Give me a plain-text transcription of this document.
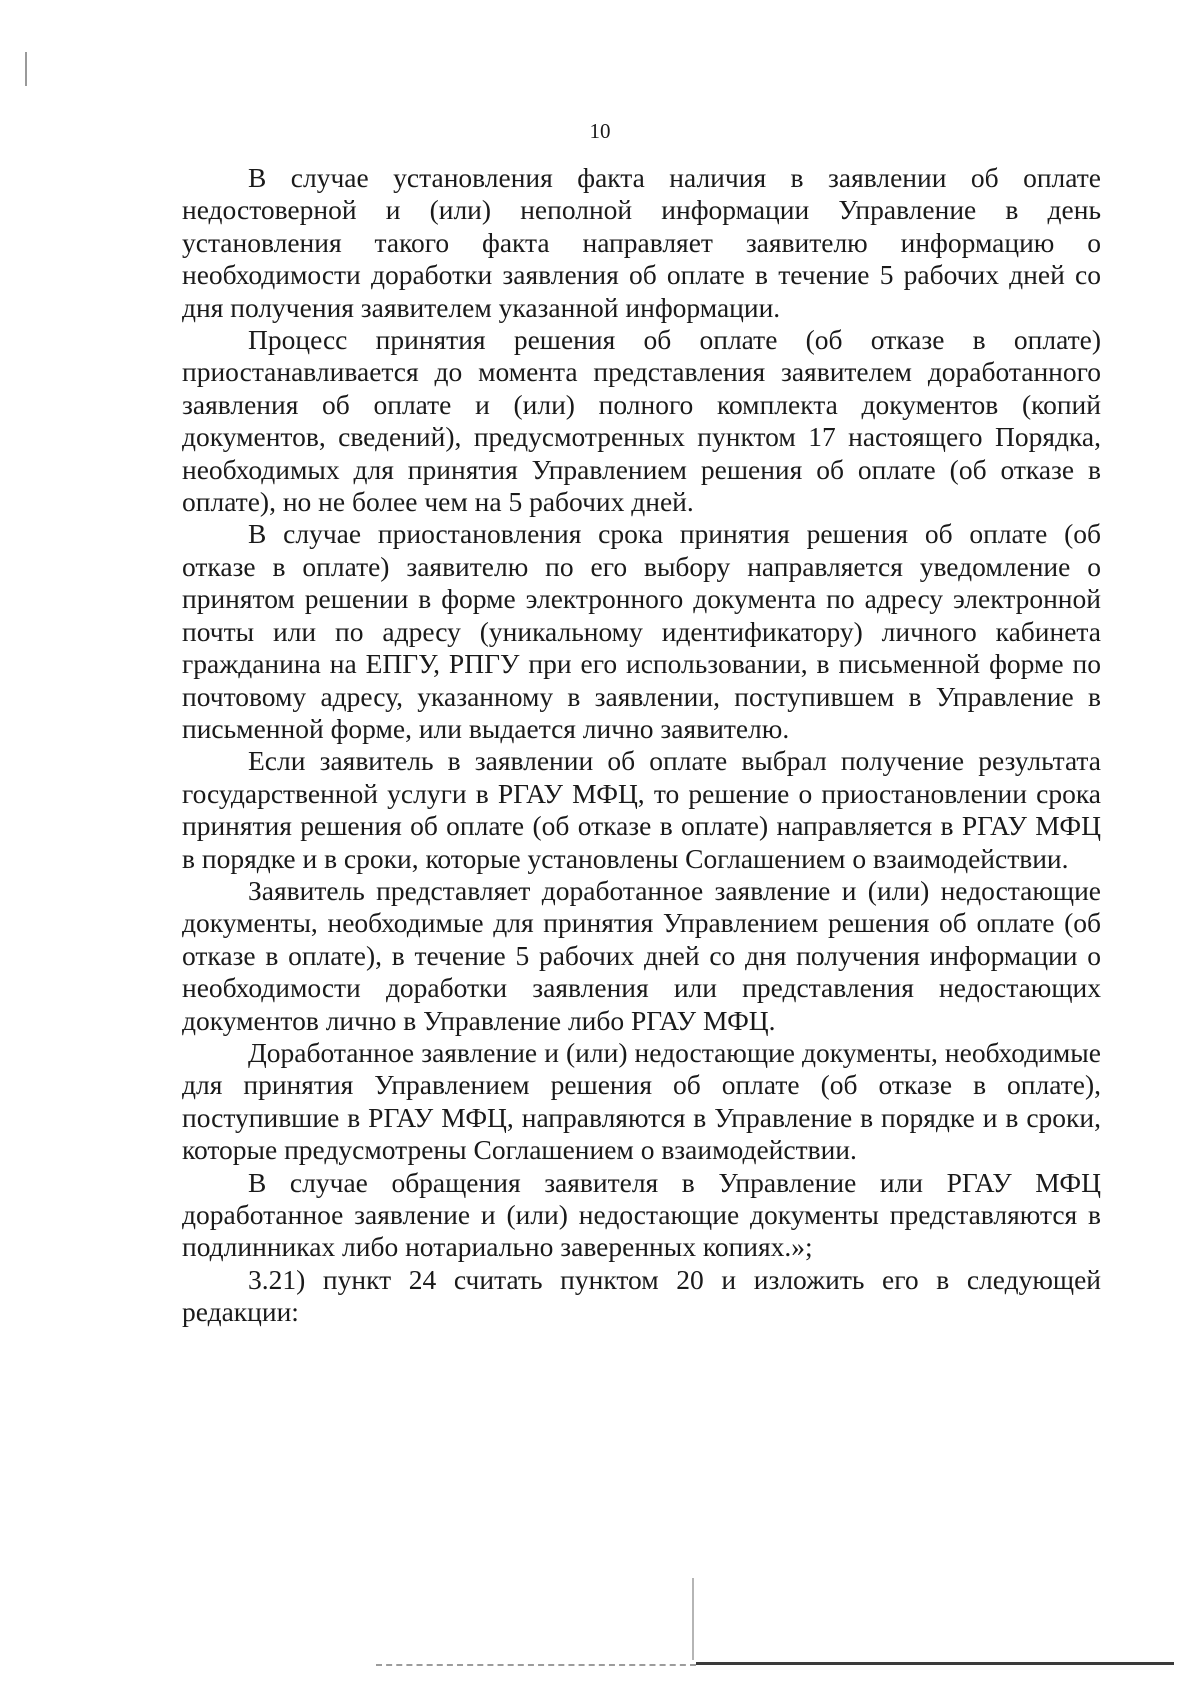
10

В случае установления факта наличия в заявлении об оплате недостоверной и (или) неполной информации Управление в день установления такого факта направляет заявителю информацию о необходимости доработки заявления об оплате в течение 5 рабочих дней со дня получения заявителем указанной информации.

Процесс принятия решения об оплате (об отказе в оплате) приостанавливается до момента представления заявителем доработанного заявления об оплате и (или) полного комплекта документов (копий документов, сведений), предусмотренных пунктом 17 настоящего Порядка, необходимых для принятия Управлением решения об оплате (об отказе в оплате), но не более чем на 5 рабочих дней.

В случае приостановления срока принятия решения об оплате (об отказе в оплате) заявителю по его выбору направляется уведомление о принятом решении в форме электронного документа по адресу электронной почты или по адресу (уникальному идентификатору) личного кабинета гражданина на ЕПГУ, РПГУ при его использовании, в письменной форме по почтовому адресу, указанному в заявлении, поступившем в Управление в письменной форме, или выдается лично заявителю.

Если заявитель в заявлении об оплате выбрал получение результата государственной услуги в РГАУ МФЦ, то решение о приостановлении срока принятия решения об оплате (об отказе в оплате) направляется в РГАУ МФЦ в порядке и в сроки, которые установлены Соглашением о взаимодействии.

Заявитель представляет доработанное заявление и (или) недостающие документы, необходимые для принятия Управлением решения об оплате (об отказе в оплате), в течение 5 рабочих дней со дня получения информации о необходимости доработки заявления или представления недостающих документов лично в Управление либо РГАУ МФЦ.

Доработанное заявление и (или) недостающие документы, необходимые для принятия Управлением решения об оплате (об отказе в оплате), поступившие в РГАУ МФЦ, направляются в Управление в порядке и в сроки, которые предусмотрены Соглашением о взаимодействии.

В случае обращения заявителя в Управление или РГАУ МФЦ доработанное заявление и (или) недостающие документы представляются в подлинниках либо нотариально заверенных копиях.»;

3.21) пункт 24 считать пунктом 20 и изложить его в следующей редакции:
